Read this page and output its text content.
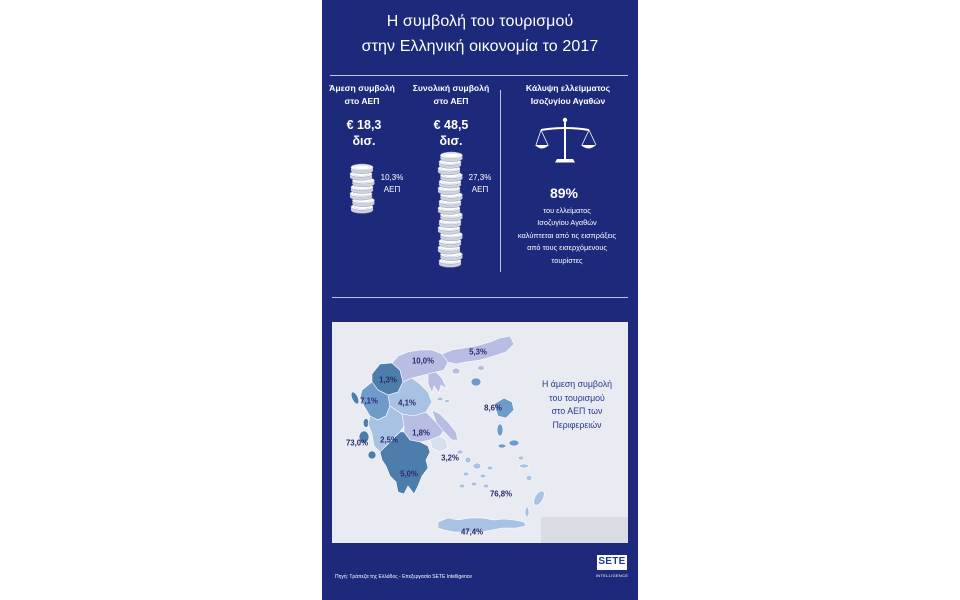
Η συμβολή του τουρισμού
στην Ελληνική οικονομία το 2017
Άμεση συμβολή
στο ΑΕΠ
€ 18,3
δισ.
10,3%
ΑΕΠ
Συνολική συμβολή
στο ΑΕΠ
€ 48,5
δισ.
27,3%
ΑΕΠ
Κάλυψη ελλείμματος
Ισοζυγίου Αγαθών
89%
του ελλείματος
Ισοζυγίου Αγαθών
καλύπτεται από τις εισπράξεις
από τους εισερχόμενους
τουρίστες
10,0%
5,3%
1,3%
7,1%	4,1%
8,6%
1,8%
73,0% 2,5%
3,2%
5,0%
76,8%
47,4%
Η άμεση συμβολή
του τουρισμού
στο ΑΕΠ των
Περιφερειών
Πηγή: Τράπεζα της Ελλάδος - Επεξεργασία SETE Intelligence
SETE
INTELLIGENCE
